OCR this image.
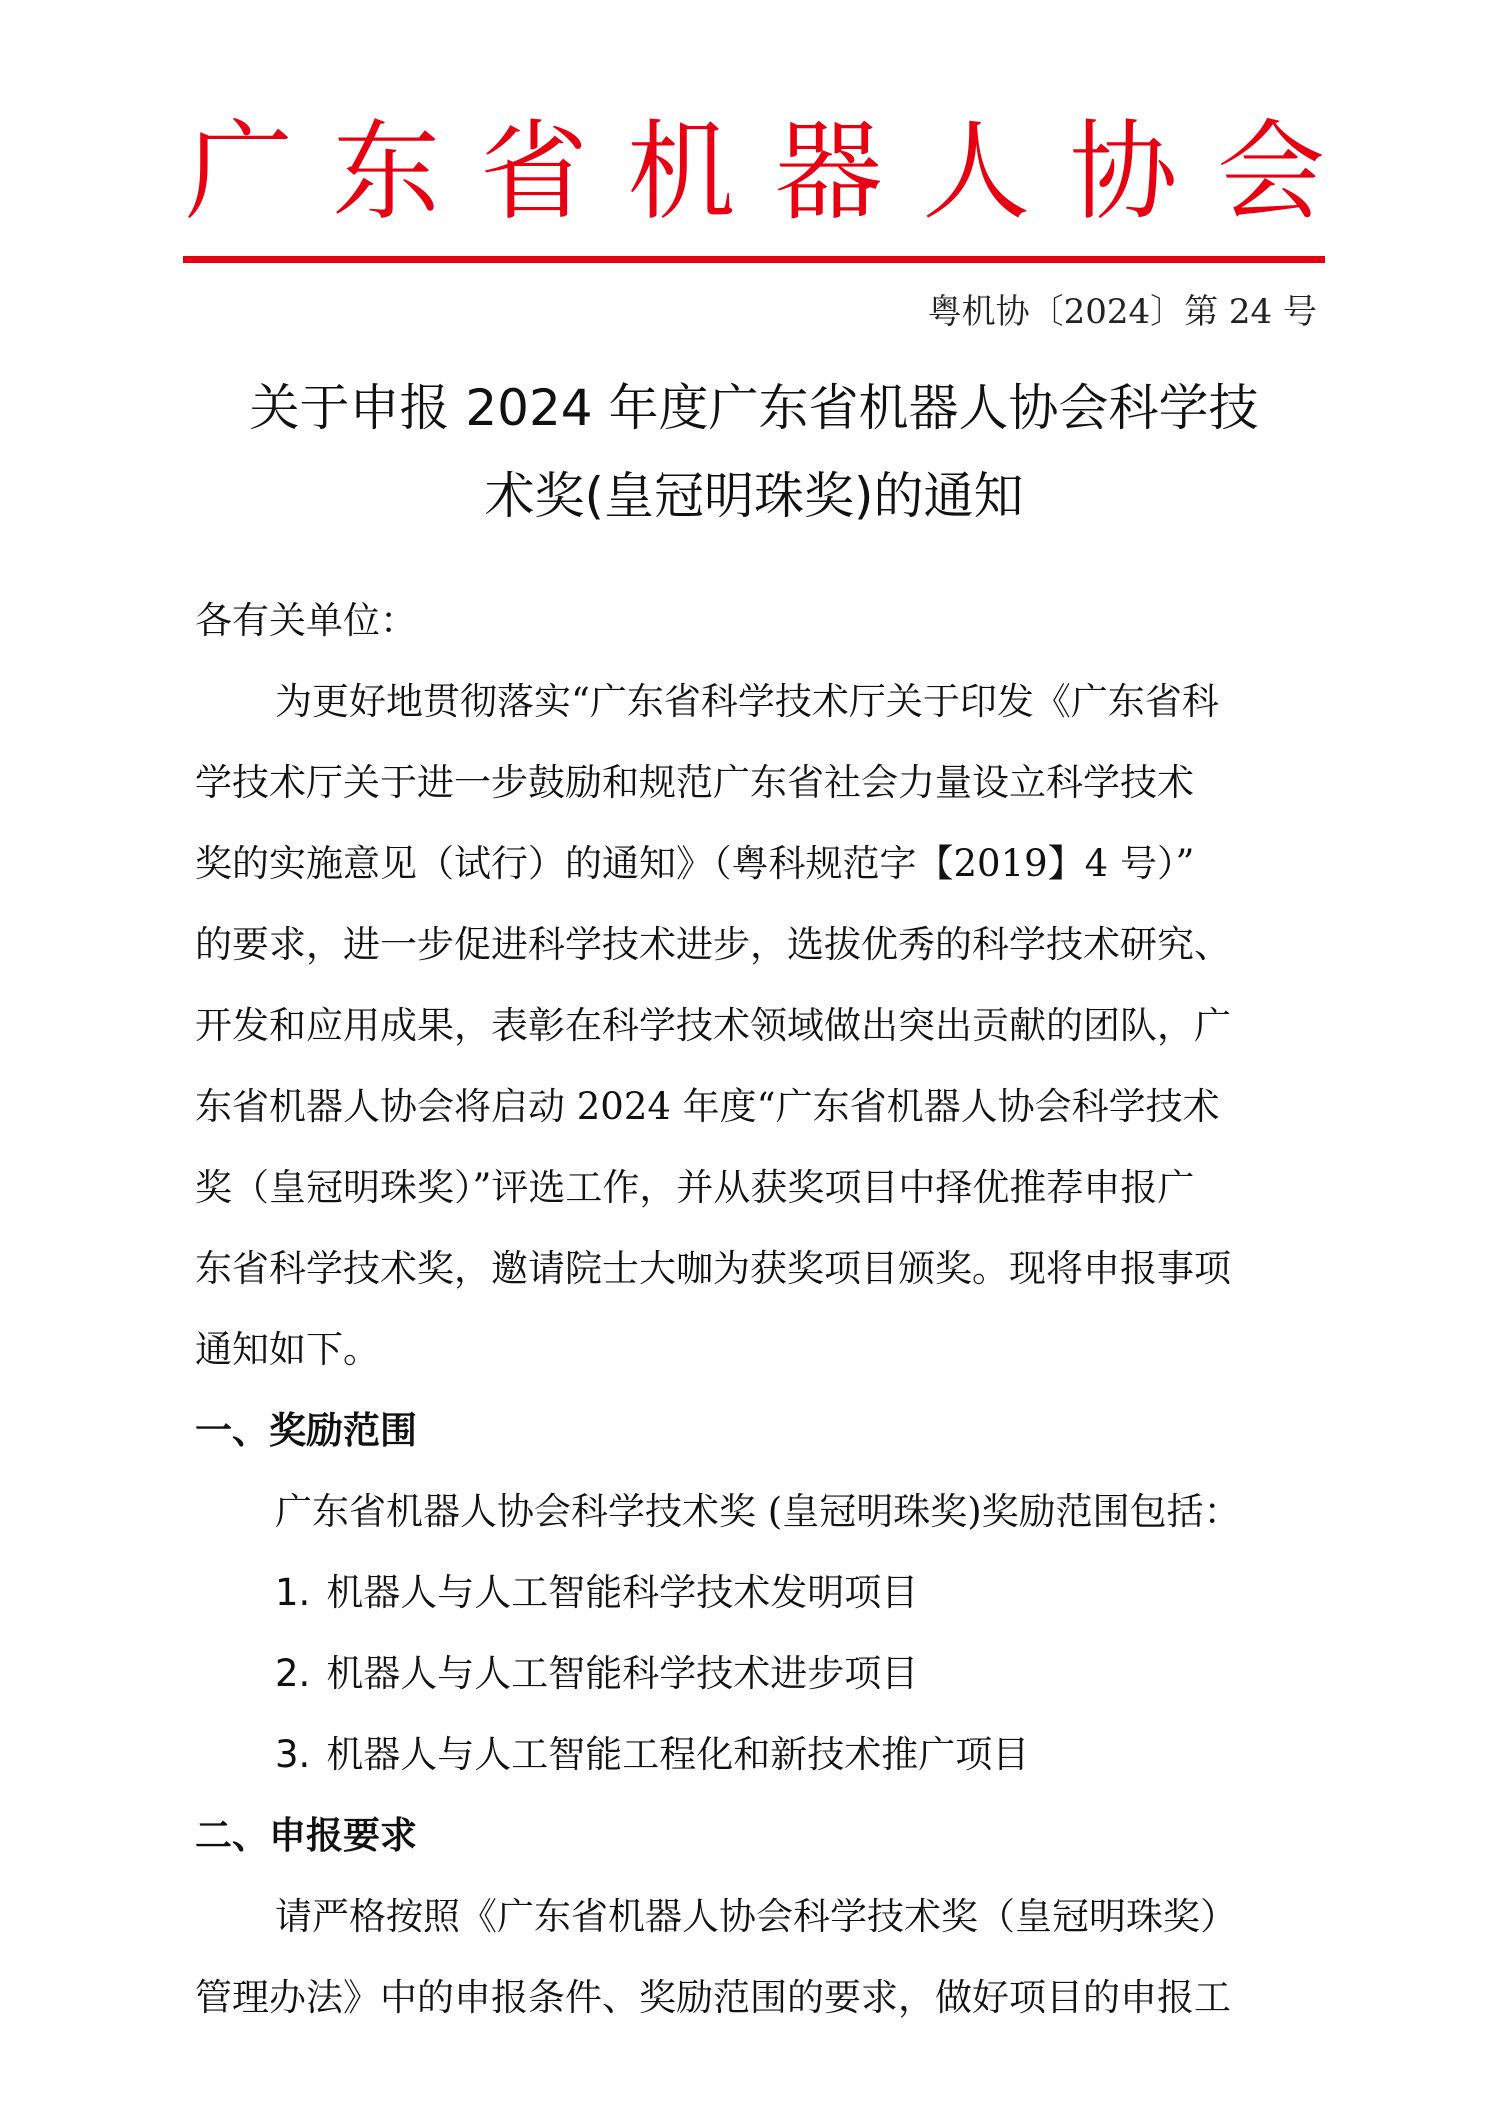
广 东 省 机 器 人 协 会
粤机协〔2024〕第 24 号
关于申报 2024 年度广东省机器人协会科学技
术奖(皇冠明珠奖)的通知

各有关单位：

为更好地贯彻落实“广东省科学技术厅关于印发《广东省科

学技术厅关于进一步鼓励和规范广东省社会力量设立科学技术

奖的实施意见（试行）的通知》（粤科规范字【2019】4 号）”

的要求，进一步促进科学技术进步，选拔优秀的科学技术研究、

开发和应用成果，表彰在科学技术领域做出突出贡献的团队，广

东省机器人协会将启动 2024 年度“广东省机器人协会科学技术

奖（皇冠明珠奖）”评选工作，并从获奖项目中择优推荐申报广

东省科学技术奖，邀请院士大咖为获奖项目颁奖。现将申报事项

通知如下。

一、奖励范围

广东省机器人协会科学技术奖 (皇冠明珠奖)奖励范围包括：

1. 机器人与人工智能科学技术发明项目

2. 机器人与人工智能科学技术进步项目

3. 机器人与人工智能工程化和新技术推广项目

二、申报要求

请严格按照《广东省机器人协会科学技术奖（皇冠明珠奖）

管理办法》中的申报条件、奖励范围的要求，做好项目的申报工
